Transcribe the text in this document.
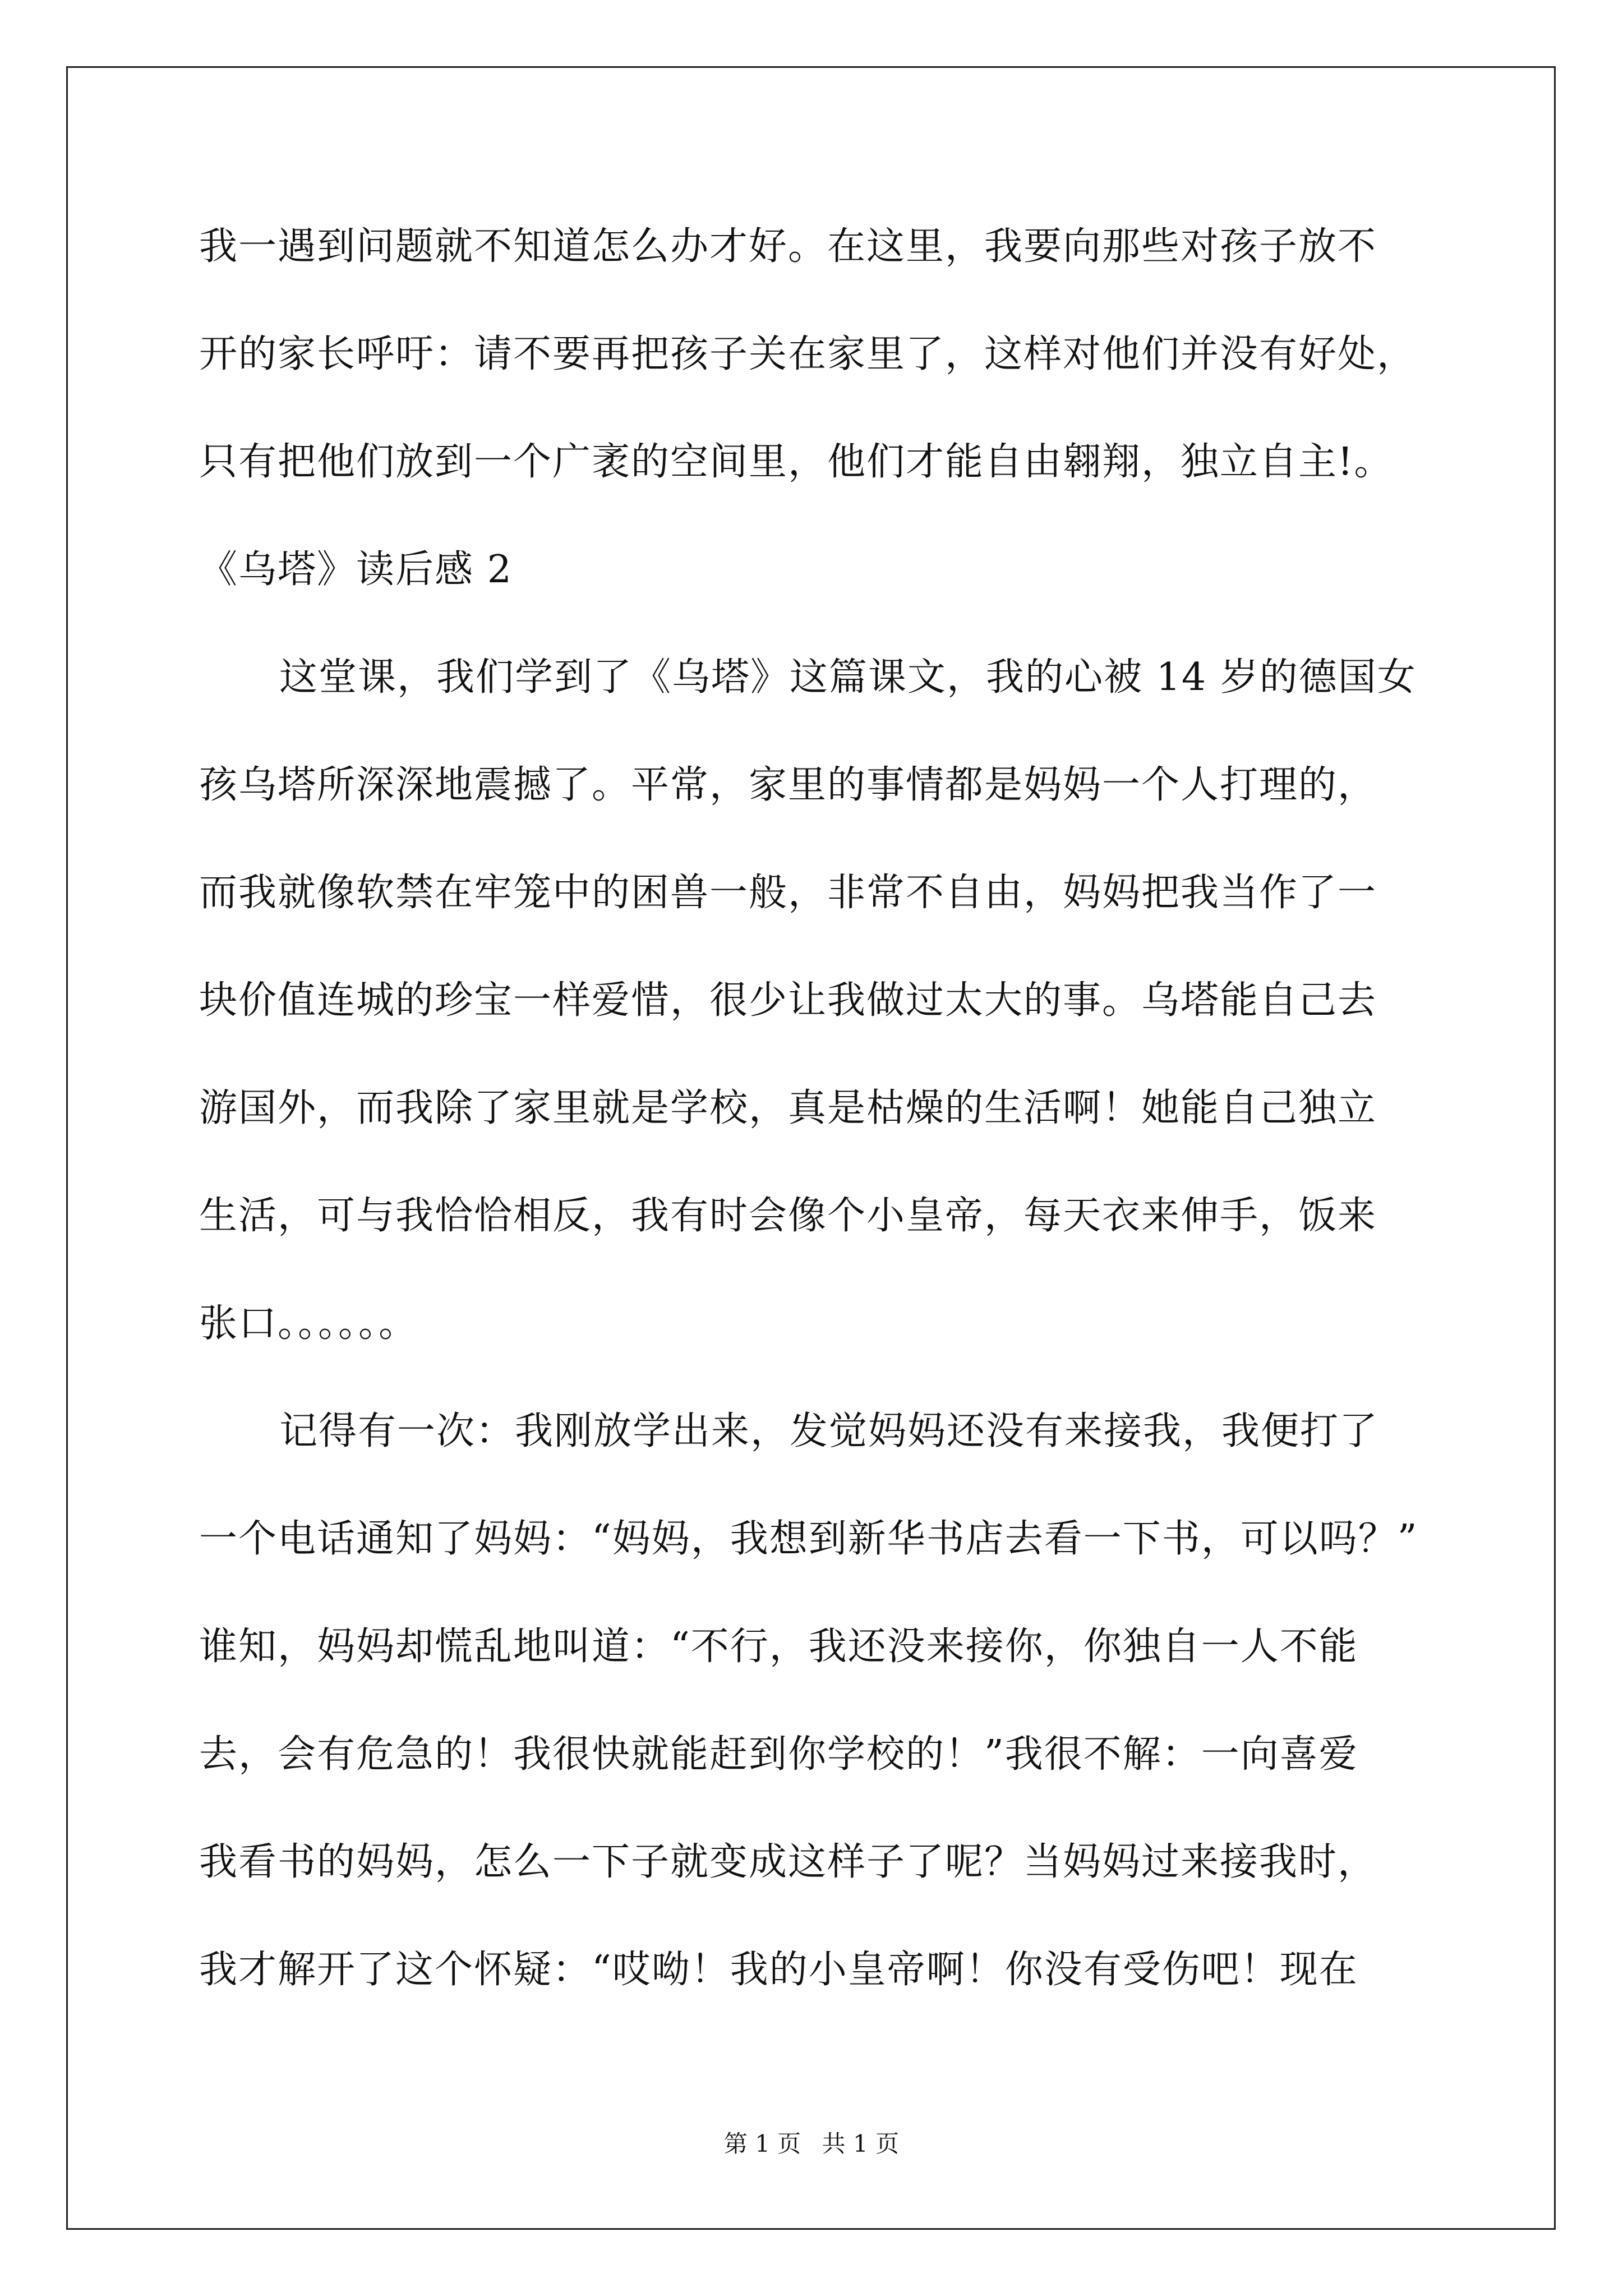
我一遇到问题就不知道怎么办才好。在这里，我要向那些对孩子放不
开的家长呼吁：请不要再把孩子关在家里了，这样对他们并没有好处，
只有把他们放到一个广袤的空间里，他们才能自由翱翔，独立自主!。
《乌塔》读后感 2
这堂课，我们学到了《乌塔》这篇课文，我的心被 14 岁的德国女
孩乌塔所深深地震撼了。平常，家里的事情都是妈妈一个人打理的，
而我就像软禁在牢笼中的困兽一般，非常不自由，妈妈把我当作了一
块价值连城的珍宝一样爱惜，很少让我做过太大的事。乌塔能自己去
游国外，而我除了家里就是学校，真是枯燥的生活啊！她能自己独立
生活，可与我恰恰相反，我有时会像个小皇帝，每天衣来伸手，饭来
张口。。。。。。
记得有一次：我刚放学出来，发觉妈妈还没有来接我，我便打了
一个电话通知了妈妈：“妈妈，我想到新华书店去看一下书，可以吗？”
谁知，妈妈却慌乱地叫道：“不行，我还没来接你，你独自一人不能
去，会有危急的！我很快就能赶到你学校的！”我很不解：一向喜爱
我看书的妈妈，怎么一下子就变成这样子了呢？当妈妈过来接我时，
我才解开了这个怀疑：“哎呦！我的小皇帝啊！你没有受伤吧！现在
第 1 页 共 1 页
